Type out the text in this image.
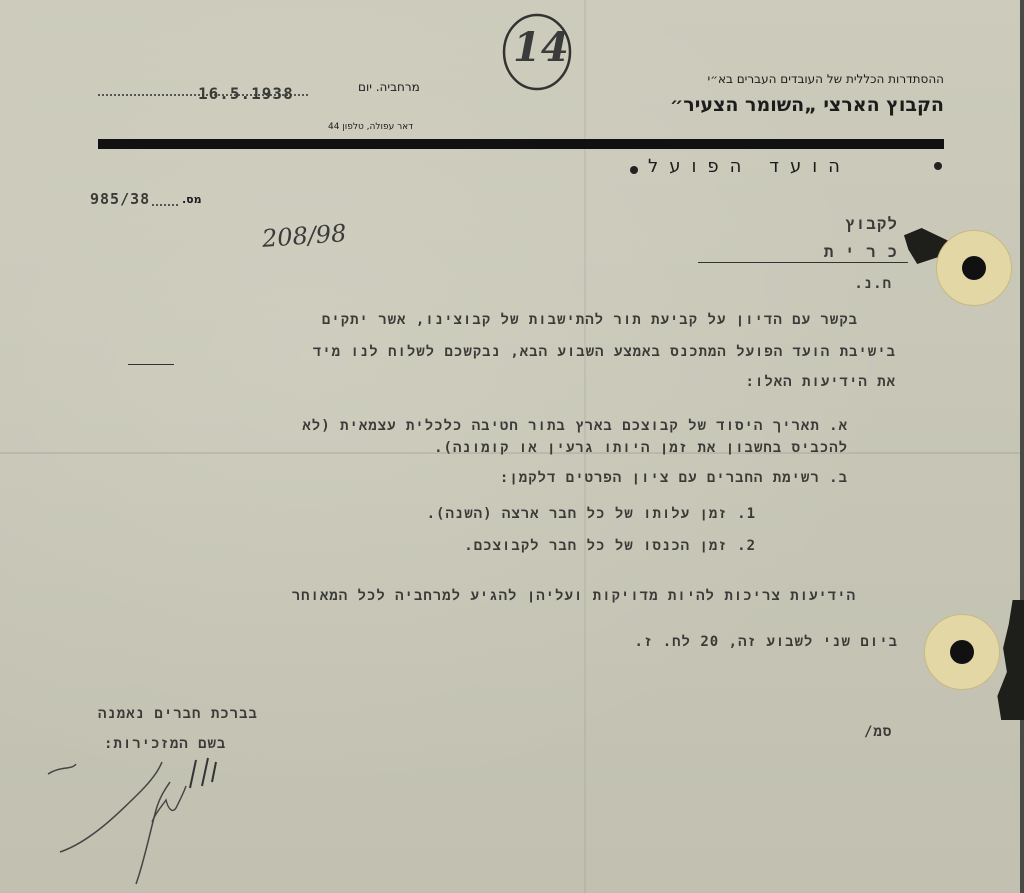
14
ההסתדרות הכללית של העובדים העברים בא״י
הקבוץ הארצי „השומר הצעיר״
מרחביה. יום
16.5.1938
דאר עפולה, טלפון 44
הועד הפועל
985/38	מס.
208/98	לקבוץ
כ ר י ת
ח.נ.
בקשר עם הדיון על קביעת תור להתישבות של קבוצינו, אשר יתקים
בישיבת הועד הפועל המתכנס באמצע השבוע הבא, נבקשכם לשלוח לנו מיד
את הידיעות האלו:
א. תאריך היסוד של קבוצכם בארץ בתור חטיבה כלכלית עצמאית (לא
להכביס בחשבון את זמן היותו גרעין או קומונה).
ב. רשימת החברים עם ציון הפרטים דלקמן:
1. זמן עלותו של כל חבר ארצה (השנה).
2. זמן הכנסו של כל חבר לקבוצכם.
הידיעות צריכות להיות מדויקות ועליהן להגיע למרחביה לכל המאוחר
ביום שני לשבוע זה, 20 לח. ז.
בברכת חברים נאמנה
בשם המזכירות:
סמ/
